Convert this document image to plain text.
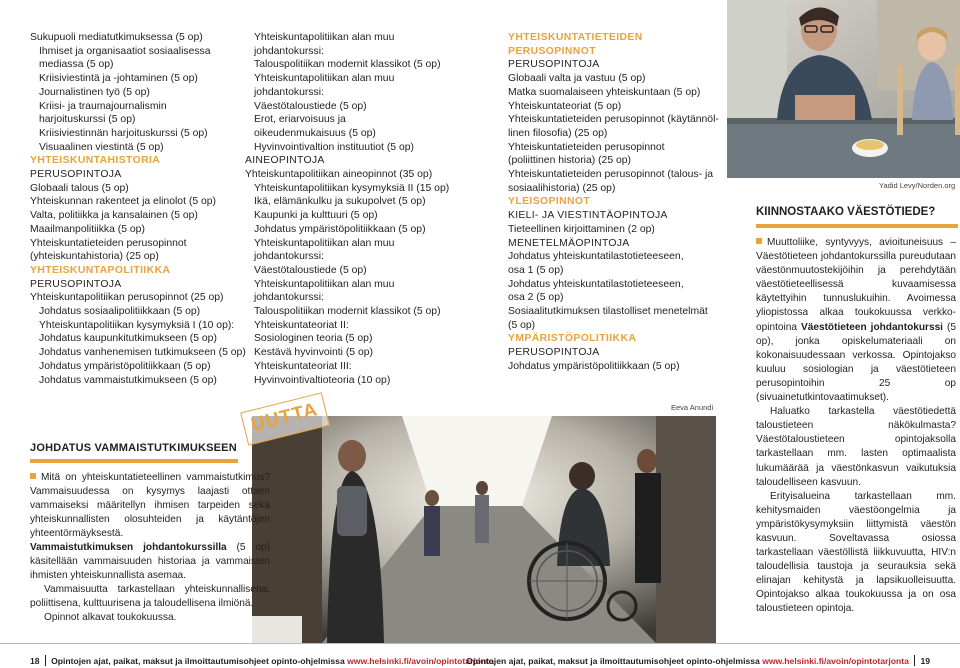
Sukupuoli mediatutkimuksessa (5 op)
Ihmiset ja organisaatiot sosiaalisessa
mediassa (5 op)
Kriisiviestintä ja -johtaminen (5 op)
Journalistinen työ (5 op)
Kriisi- ja traumajournalismin
harjoituskurssi (5 op)
Kriisiviestinnän harjoituskurssi (5 op)
Visuaalinen viestintä (5 op)
YHTEISKUNTAHISTORIA
PERUSOPINTOJA
Globaali talous (5 op)
Yhteiskunnan rakenteet ja elinolot (5 op)
Valta, politiikka ja kansalainen (5 op)
Maailmanpolitiikka (5 op)
Yhteiskuntatieteiden perusopinnot
(yhteiskuntahistoria) (25 op)
YHTEISKUNTAPOLITIIKKA
PERUSOPINTOJA
Yhteiskuntapolitiikan perusopinnot (25 op)
Johdatus sosiaalipolitiikkaan (5 op)
Yhteiskuntapolitiikan kysymyksiä I (10 op):
Johdatus kaupunkitutkimukseen (5 op)
Johdatus vanhenemisen tutkimukseen (5 op)
Johdatus ympäristöpolitiikkaan (5 op)
Johdatus vammaistutkimukseen (5 op)
Yhteiskuntapolitiikan alan muu
johdantokurssi:
Talouspolitiikan modernit klassikot (5 op)
Yhteiskuntapolitiikan alan muu
johdantokurssi:
Väestötaloustiede (5 op)
Erot, eriarvoisuus ja
oikeudenmukaisuus (5 op)
Hyvinvointivaltion instituutiot (5 op)
AINEOPINTOJA
Yhteiskuntapolitiikan aineopinnot (35 op)
Yhteiskuntapolitiikan kysymyksiä II (15 op)
Ikä, elämänkulku ja sukupolvet (5 op)
Kaupunki ja kulttuuri (5 op)
Johdatus ympäristöpolitiikkaan (5 op)
Yhteiskuntapolitiikan alan muu
johdantokurssi:
Väestötaloustiede (5 op)
Yhteiskuntapolitiikan alan muu
johdantokurssi:
Talouspolitiikan modernit klassikot (5 op)
Yhteiskuntateoriat II:
Sosiologinen teoria (5 op)
Kestävä hyvinvointi (5 op)
Yhteiskuntateoriat III:
Hyvinvointivaltioteoria (10 op)
YHTEISKUNTATIETEIDEN
PERUSOPINNOT
PERUSOPINTOJA
Globaali valta ja vastuu (5 op)
Matka suomalaiseen yhteiskuntaan (5 op)
Yhteiskuntateoriat (5 op)
Yhteiskuntatieteiden perusopinnot (käytännöl-
linen filosofia) (25 op)
Yhteiskuntatieteiden perusopinnot
(poliittinen historia) (25 op)
Yhteiskuntatieteiden perusopinnot (talous- ja
sosiaalihistoria) (25 op)
YLEISOPINNOT
KIELI- JA VIESTINTÄOPINTOJA
Tieteellinen kirjoittaminen (2 op)
MENETELMÄOPINTOJA
Johdatus yhteiskuntatilastotieteeseen,
osa 1 (5 op)
Johdatus yhteiskuntatilastotieteeseen,
osa 2 (5 op)
Sosiaalitutkimuksen tilastolliset menetelmät
(5 op)
YMPÄRISTÖPOLITIIKKA
PERUSOPINTOJA
Johdatus ympäristöpolitiikkaan (5 op)
Yadid Levy/Norden.org
Eeva Anundi
UUTTA
JOHDATUS VAMMAISTUTKIMUKSEEN

Mitä on yhteiskuntatieteellinen vammaistutkimus? Vammaisuudessa on kysymys laajasti ottaen vammaiseksi määritellyn ihmisen tarpeiden sekä yhteiskunnallisten olosuhteiden ja käytäntöjen yhteentörmäyksestä.

Vammaistutkimuksen johdantokurssilla (5 op) käsitellään vammaisuuden historiaa ja vammaisten ihmisten yhteiskunnallista asemaa.

Vammaisuutta tarkastellaan yhteiskunnallisena, poliittisena, kulttuurisena ja taloudellisena ilmiönä.

Opinnot alkavat toukokuussa.

KIINNOSTAAKO VÄESTÖTIEDE?

Muuttoliike, syntyvyys, avioituneisuus – Väestötieteen johdantokurssilla pureudutaan väestönmuutostekijöihin ja perehdytään väestötieteellisessä kuvaamisessa käytettyihin tunnuslukuihin. Avoimessa yliopistossa alkaa toukokuussa verkko-opintoina Väestötieteen johdantokurssi (5 op), jonka opiskelumateriaali on kokonaisuudessaan verkossa. Opintojakso kuuluu sosiologian ja väestötieteen perusopintoihin 25 op (sivuainetutkintovaatimukset).

Haluatko tarkastella väestötiedettä taloustieteen näkökulmasta? Väestötaloustieteen opintojaksolla tarkastellaan mm. lasten optimaalista lukumäärää ja väestönkasvun vaikutuksia taloudelliseen kasvuun.

Erityisalueina tarkastellaan mm. kehitysmaiden väestöongelmia ja ympäristökysymyksiin liittymistä väestön kasvuun. Soveltavassa osiossa tarkastellaan väestöllistä liikkuvuutta, HIV:n taloudellisia taustoja ja seurauksia sekä elinajan kehitystä ja lapsikuolleisuutta. Opintojakso alkaa toukokuussa ja on osa taloustieteen opintoja.

18 Opintojen ajat, paikat, maksut ja ilmoittautumisohjeet opinto-ohjelmissa www.helsinki.fi/avoin/opintotarjonta
Opintojen ajat, paikat, maksut ja ilmoittautumisohjeet opinto-ohjelmissa www.helsinki.fi/avoin/opintotarjonta 19
